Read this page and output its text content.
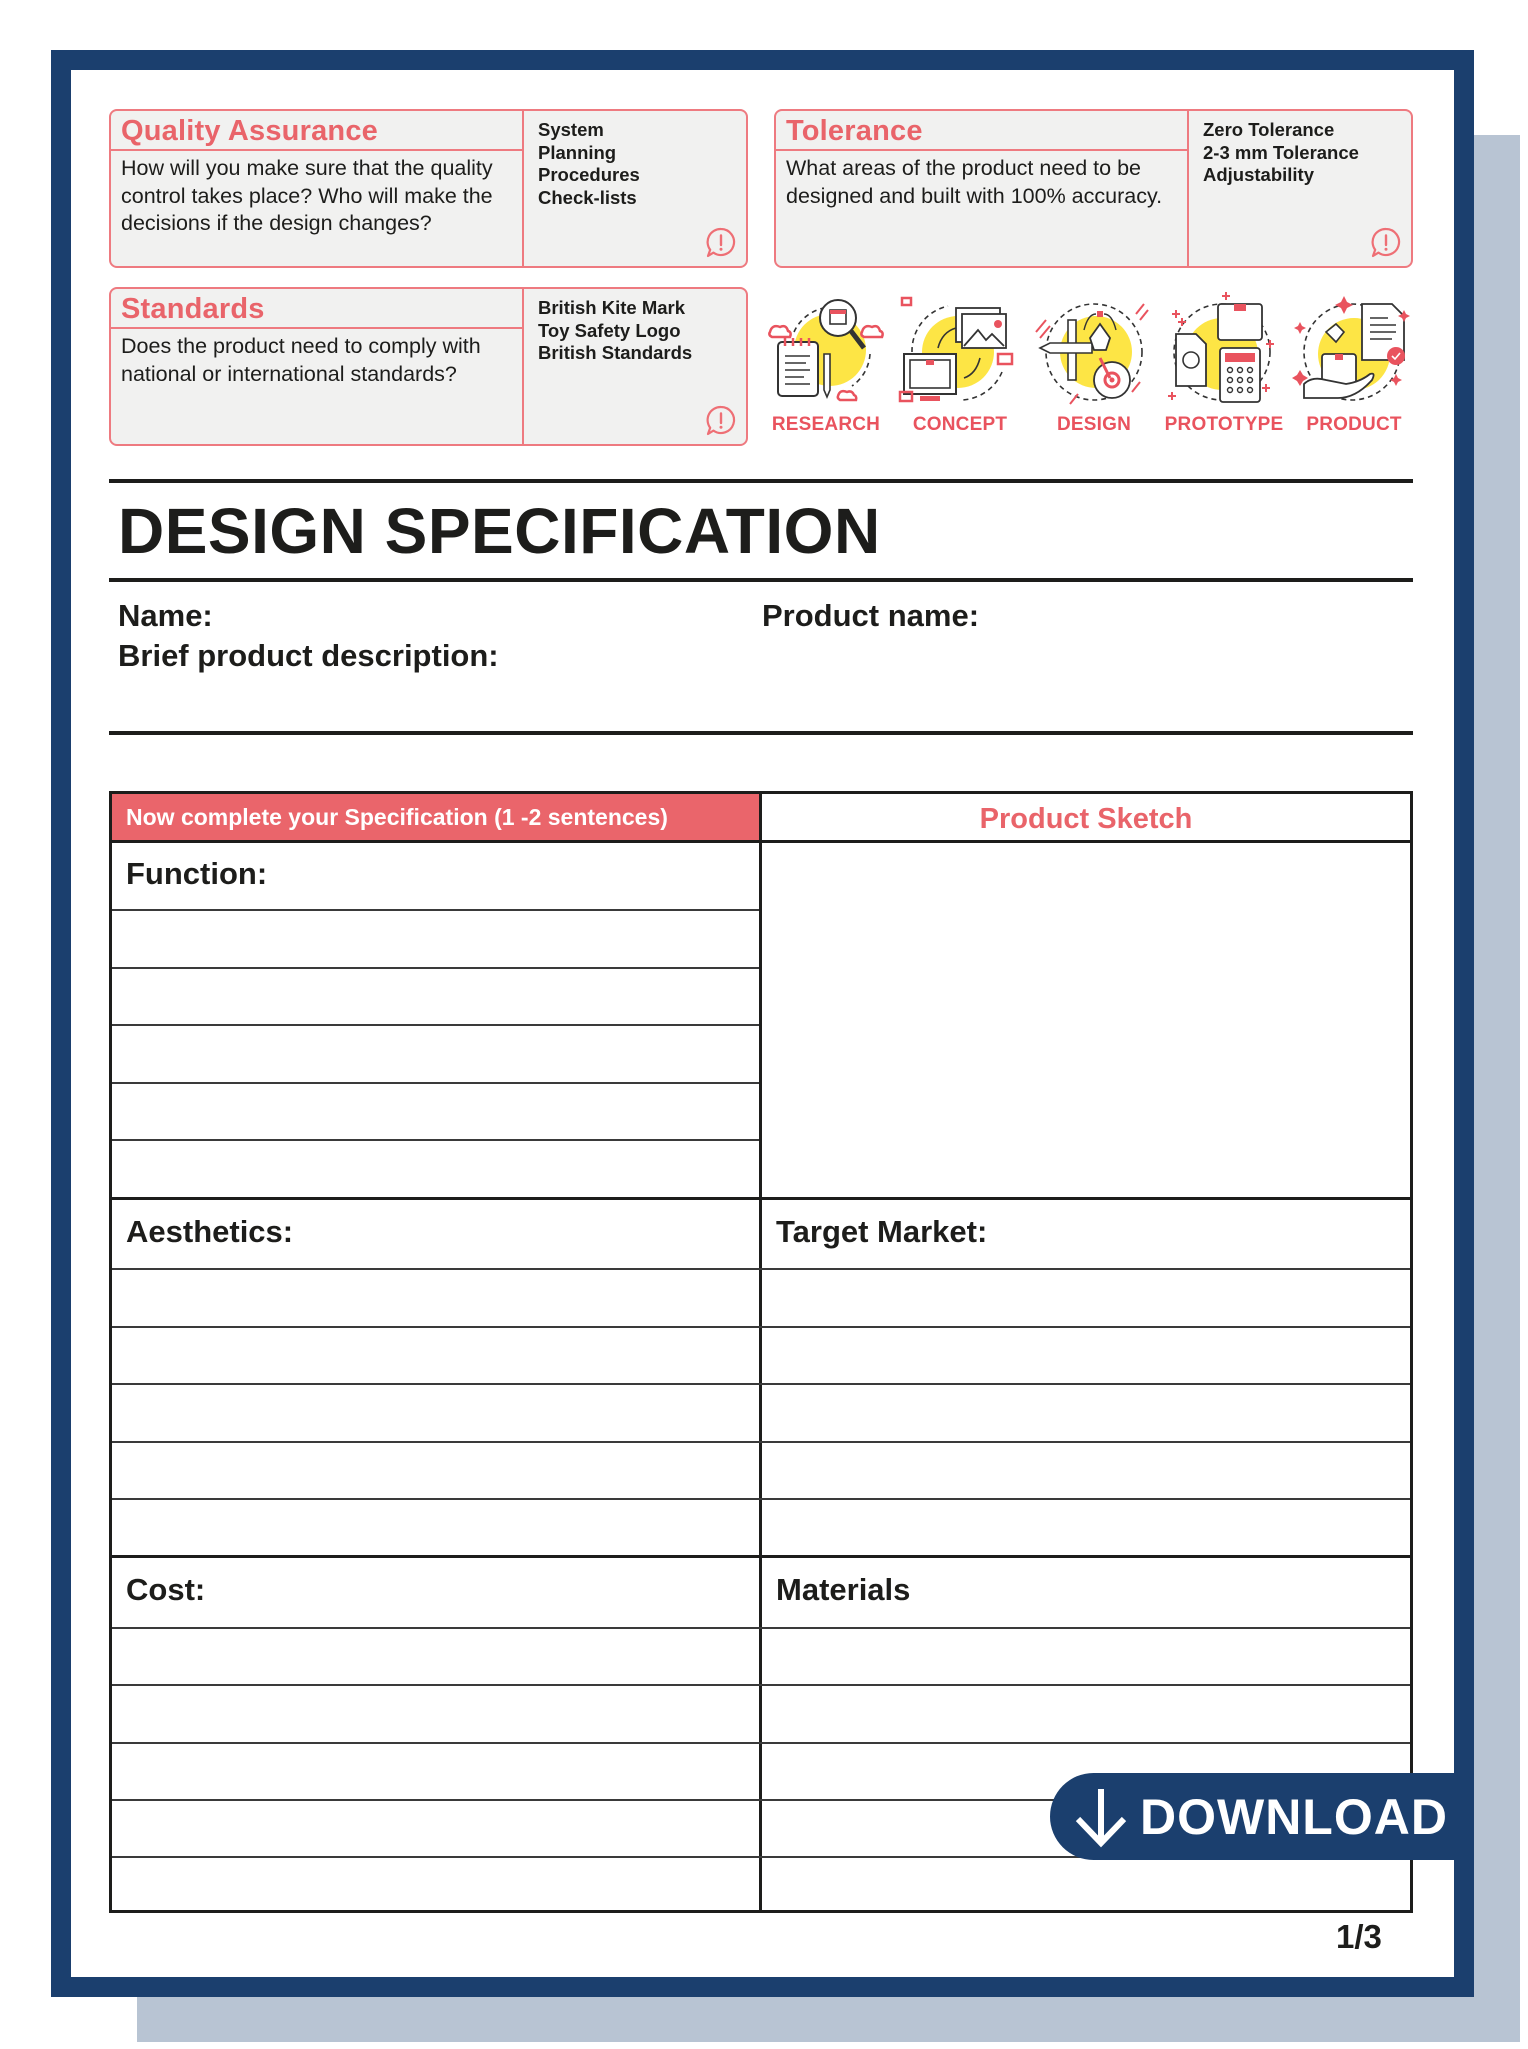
Quality Assurance
How will you make sure that the quality control takes place? Who will make the decisions if the design changes?
System
Planning
Procedures
Check-lists
Tolerance
What areas of the product need to be designed and built with 100% accuracy.
Zero Tolerance
2-3 mm Tolerance
Adjustability
Standards
Does the product need to comply with national or international standards?
British Kite Mark
Toy Safety Logo
British Standards
RESEARCH	CONCEPT	DESIGN	PROTOTYPE	PRODUCT
DESIGN SPECIFICATION
Name:	Product name:
Brief product description:
Now complete your Specification (1 -2 sentences)	Product Sketch
Function:
Aesthetics:	Target Market:
Cost:	Materials
1/3
DOWNLOAD
